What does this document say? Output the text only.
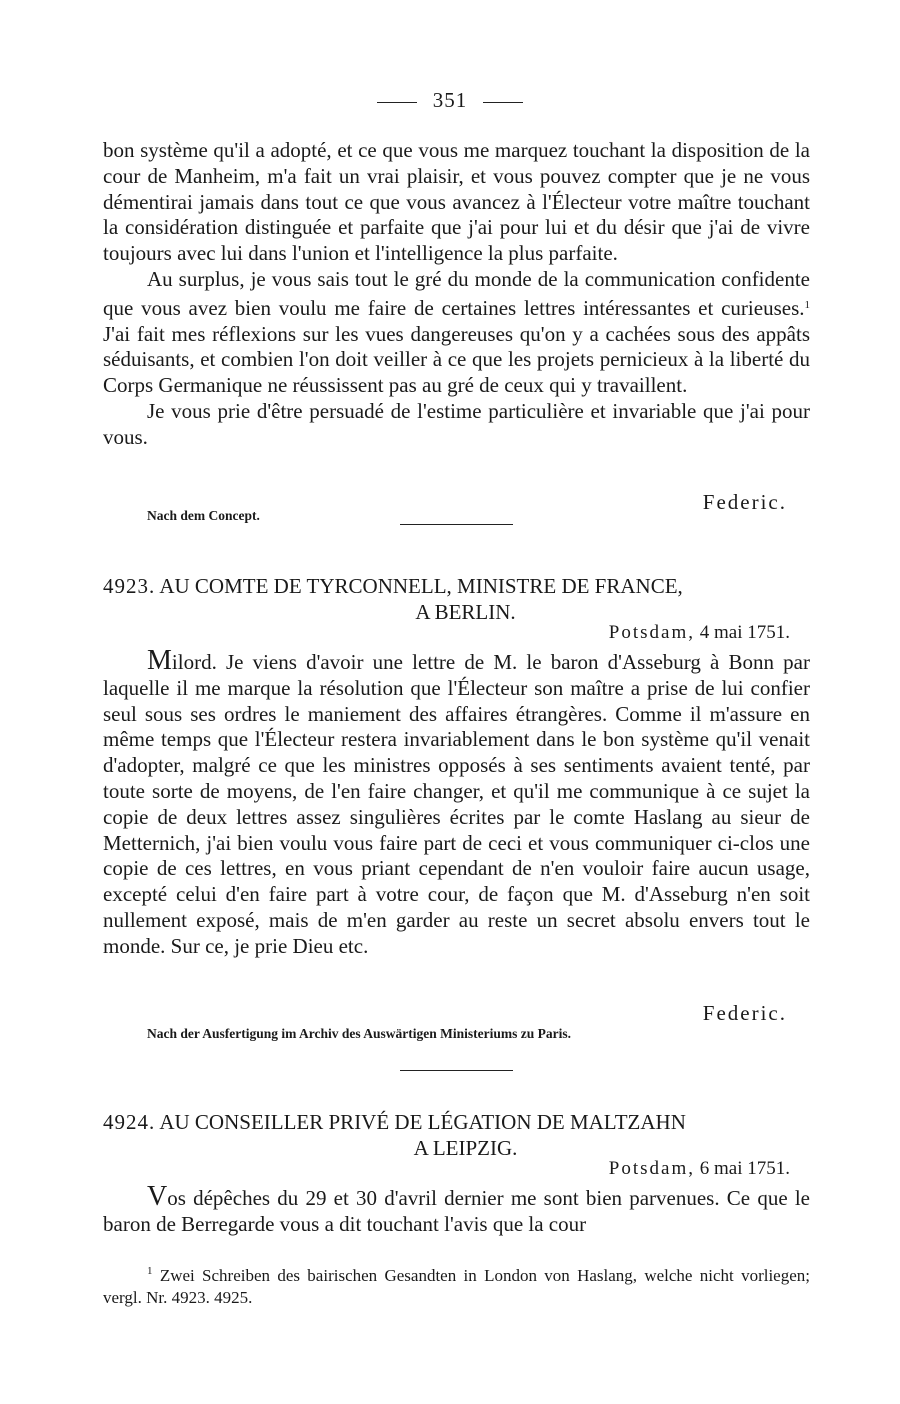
351

bon système qu'il a adopté, et ce que vous me marquez touchant la disposition de la cour de Manheim, m'a fait un vrai plaisir, et vous pouvez compter que je ne vous démentirai jamais dans tout ce que vous avancez à l'Électeur votre maître touchant la considération distinguée et parfaite que j'ai pour lui et du désir que j'ai de vivre toujours avec lui dans l'union et l'intelligence la plus parfaite.

Au surplus, je vous sais tout le gré du monde de la communication confidente que vous avez bien voulu me faire de certaines lettres intéressantes et curieuses.$^1$ J'ai fait mes réflexions sur les vues dangereuses qu'on y a cachées sous des appâts séduisants, et combien l'on doit veiller à ce que les projets pernicieux à la liberté du Corps Germanique ne réussissent pas au gré de ceux qui y travaillent.

Je vous prie d'être persuadé de l'estime particulière et invariable que j'ai pour vous.

Federic.
Nach dem Concept.
4923. AU COMTE DE TYRCONNELL, MINISTRE DE FRANCE,
A BERLIN.
Potsdam, 4 mai 1751.

Milord. Je viens d'avoir une lettre de M. le baron d'Asseburg à Bonn par laquelle il me marque la résolution que l'Électeur son maître a prise de lui confier seul sous ses ordres le maniement des affaires étrangères. Comme il m'assure en même temps que l'Électeur restera invariablement dans le bon système qu'il venait d'adopter, malgré ce que les ministres opposés à ses sentiments avaient tenté, par toute sorte de moyens, de l'en faire changer, et qu'il me communique à ce sujet la copie de deux lettres assez singulières écrites par le comte Haslang au sieur de Metternich, j'ai bien voulu vous faire part de ceci et vous communiquer ci-clos une copie de ces lettres, en vous priant cependant de n'en vouloir faire aucun usage, excepté celui d'en faire part à votre cour, de façon que M. d'Asseburg n'en soit nullement exposé, mais de m'en garder au reste un secret absolu envers tout le monde. Sur ce, je prie Dieu etc.

Federic.
Nach der Ausfertigung im Archiv des Auswärtigen Ministeriums zu Paris.
4924. AU CONSEILLER PRIVÉ DE LÉGATION DE MALTZAHN
A LEIPZIG.
Potsdam, 6 mai 1751.

Vos dépêches du 29 et 30 d'avril dernier me sont bien parvenues. Ce que le baron de Berregarde vous a dit touchant l'avis que la cour

$^1$ Zwei Schreiben des bairischen Gesandten in London von Haslang, welche nicht vorliegen; vergl. Nr. 4923. 4925.
